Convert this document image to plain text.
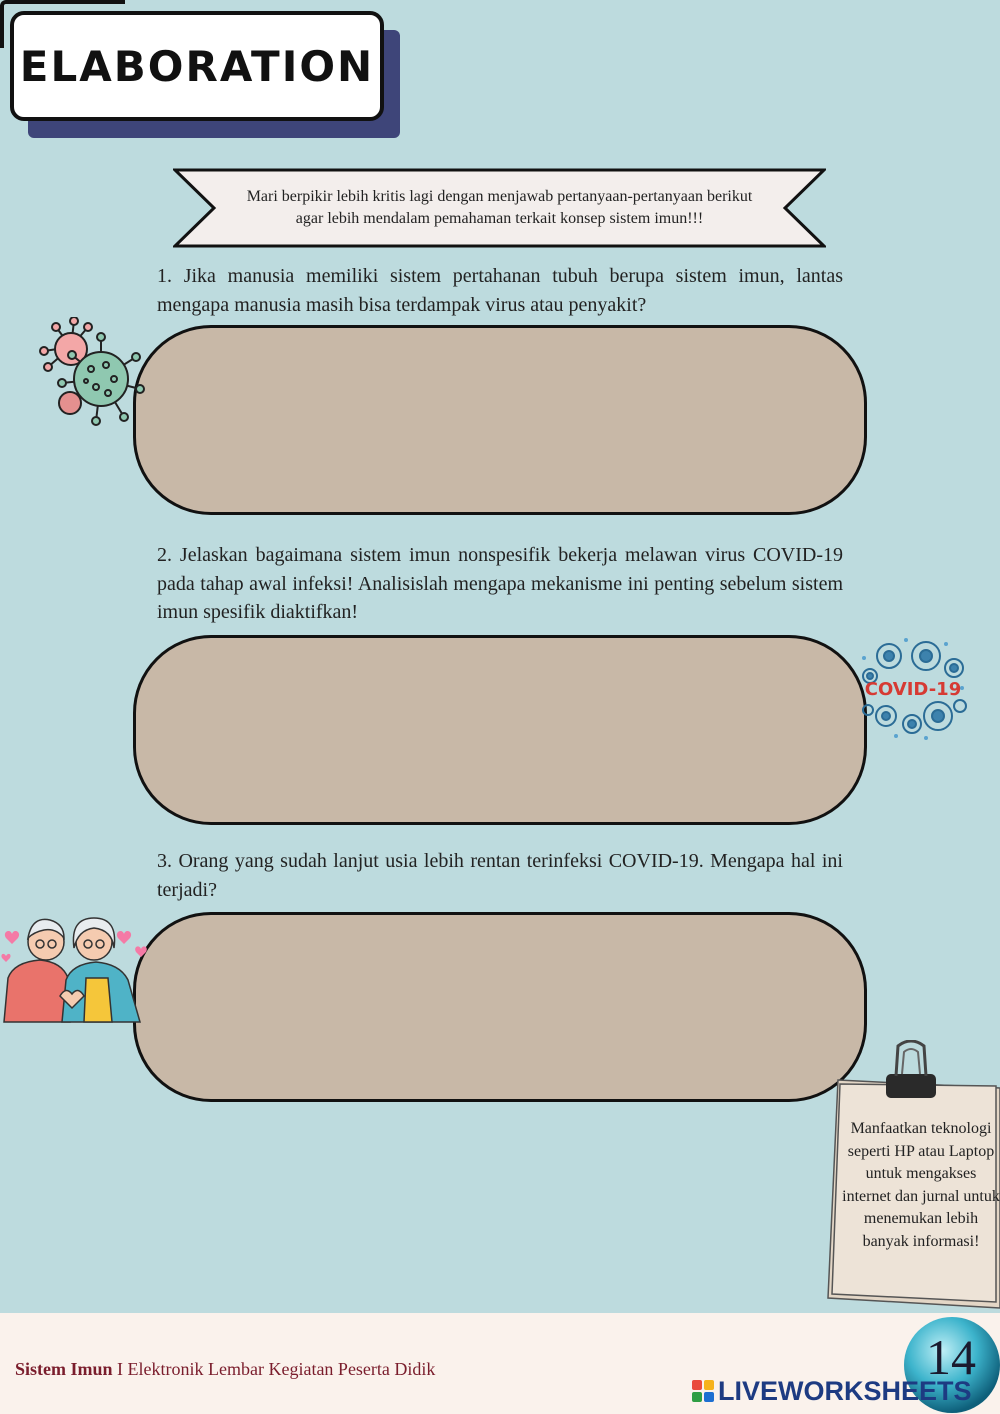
ELABORATION
Mari berpikir lebih kritis lagi dengan menjawab pertanyaan-pertanyaan berikut agar lebih mendalam pemahaman terkait konsep sistem imun!!!
1. Jika manusia memiliki sistem pertahanan tubuh berupa sistem imun, lantas mengapa manusia masih bisa terdampak virus atau penyakit?
2. Jelaskan bagaimana sistem imun nonspesifik bekerja melawan virus COVID-19 pada tahap awal infeksi! Analisislah mengapa mekanisme ini penting sebelum sistem imun spesifik diaktifkan!
COVID-19
3. Orang yang sudah lanjut usia lebih rentan terinfeksi COVID-19. Mengapa hal ini terjadi?
Manfaatkan teknologi seperti HP atau Laptop untuk mengakses internet dan jurnal untuk menemukan lebih banyak informasi!
Sistem Imun I Elektronik Lembar Kegiatan Peserta Didik	14
LIVEWORKSHEETS
